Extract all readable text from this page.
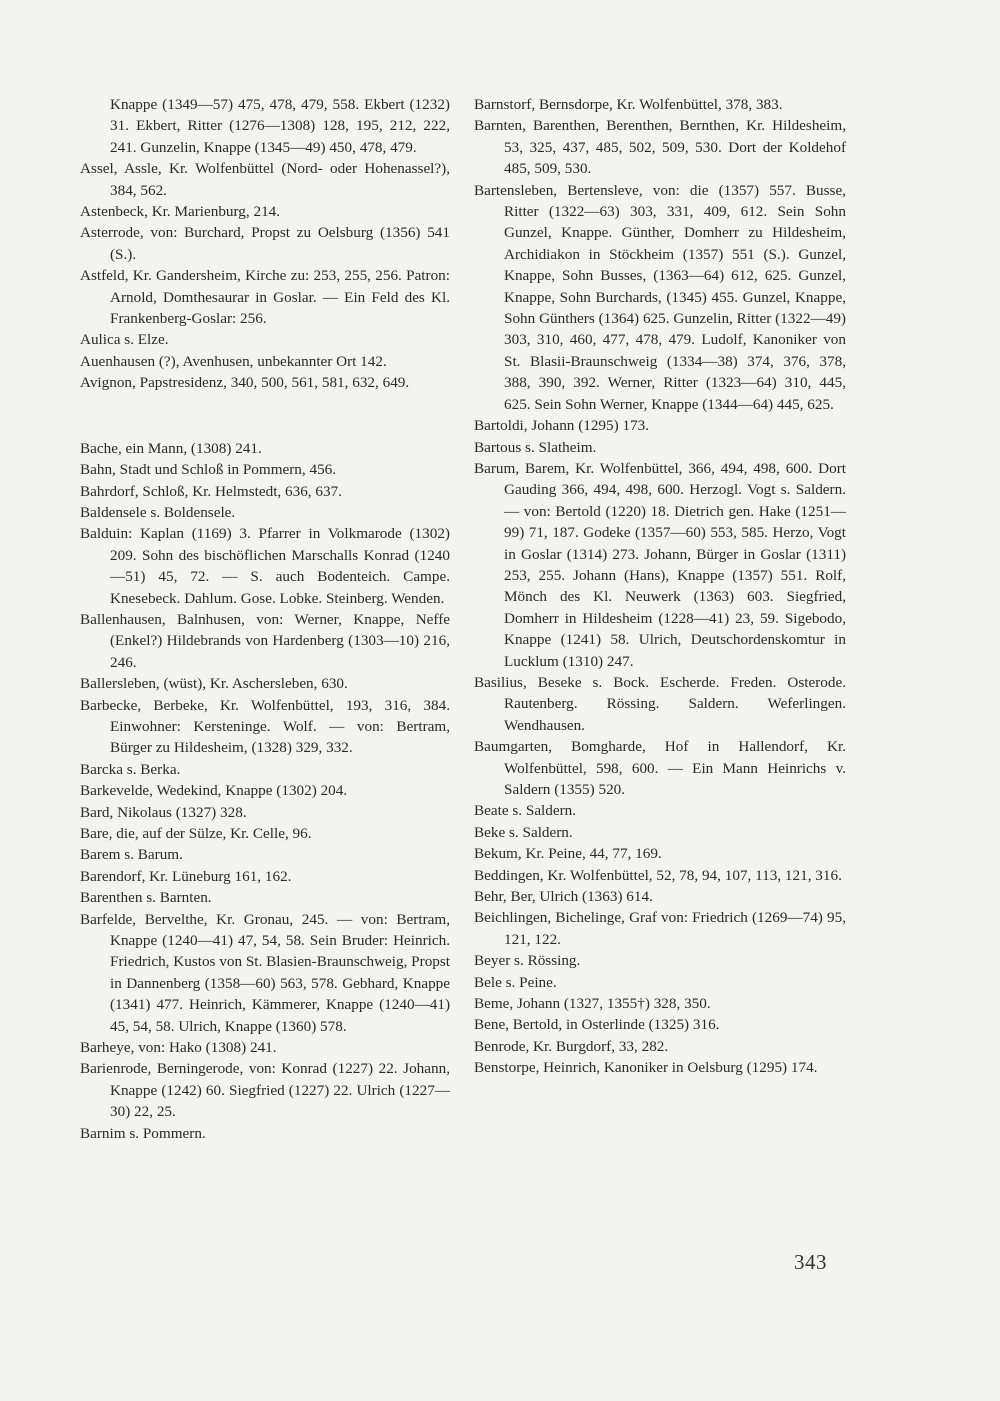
Knappe (1349—57) 475, 478, 479, 558. Ekbert (1232) 31. Ekbert, Ritter (1276—1308) 128, 195, 212, 222, 241. Gunzelin, Knappe (1345—49) 450, 478, 479.

Assel, Assle, Kr. Wolfenbüttel (Nord- oder Hohenassel?), 384, 562.

Astenbeck, Kr. Marienburg, 214.

Asterrode, von: Burchard, Propst zu Oelsburg (1356) 541 (S.).

Astfeld, Kr. Gandersheim, Kirche zu: 253, 255, 256. Patron: Arnold, Domthesaurar in Goslar. — Ein Feld des Kl. Frankenberg-Goslar: 256.

Aulica s. Elze.

Auenhausen (?), Avenhusen, unbekannter Ort 142.

Avignon, Papstresidenz, 340, 500, 561, 581, 632, 649.

Bache, ein Mann, (1308) 241.

Bahn, Stadt und Schloß in Pommern, 456.

Bahrdorf, Schloß, Kr. Helmstedt, 636, 637.

Baldensele s. Boldensele.

Balduin: Kaplan (1169) 3. Pfarrer in Volkmarode (1302) 209. Sohn des bischöflichen Marschalls Konrad (1240—51) 45, 72. — S. auch Bodenteich. Campe. Knesebeck. Dahlum. Gose. Lobke. Steinberg. Wenden.

Ballenhausen, Balnhusen, von: Werner, Knappe, Neffe (Enkel?) Hildebrands von Hardenberg (1303—10) 216, 246.

Ballersleben, (wüst), Kr. Aschersleben, 630.

Barbecke, Berbeke, Kr. Wolfenbüttel, 193, 316, 384. Einwohner: Kersteninge. Wolf. — von: Bertram, Bürger zu Hildesheim, (1328) 329, 332.

Barcka s. Berka.

Barkevelde, Wedekind, Knappe (1302) 204.

Bard, Nikolaus (1327) 328.

Bare, die, auf der Sülze, Kr. Celle, 96.

Barem s. Barum.

Barendorf, Kr. Lüneburg 161, 162.

Barenthen s. Barnten.

Barfelde, Bervelthe, Kr. Gronau, 245. — von: Bertram, Knappe (1240—41) 47, 54, 58. Sein Bruder: Heinrich. Friedrich, Kustos von St. Blasien-Braunschweig, Propst in Dannenberg (1358—60) 563, 578. Gebhard, Knappe (1341) 477. Heinrich, Kämmerer, Knappe (1240—41) 45, 54, 58. Ulrich, Knappe (1360) 578.

Barheye, von: Hako (1308) 241.

Barienrode, Berningerode, von: Konrad (1227) 22. Johann, Knappe (1242) 60. Siegfried (1227) 22. Ulrich (1227—30) 22, 25.

Barnim s. Pommern.

Barnstorf, Bernsdorpe, Kr. Wolfenbüttel, 378, 383.

Barnten, Barenthen, Berenthen, Bernthen, Kr. Hildesheim, 53, 325, 437, 485, 502, 509, 530. Dort der Koldehof 485, 509, 530.

Bartensleben, Bertensleve, von: die (1357) 557. Busse, Ritter (1322—63) 303, 331, 409, 612. Sein Sohn Gunzel, Knappe. Günther, Domherr zu Hildesheim, Archidiakon in Stöckheim (1357) 551 (S.). Gunzel, Knappe, Sohn Busses, (1363—64) 612, 625. Gunzel, Knappe, Sohn Burchards, (1345) 455. Gunzel, Knappe, Sohn Günthers (1364) 625. Gunzelin, Ritter (1322—49) 303, 310, 460, 477, 478, 479. Ludolf, Kanoniker von St. Blasii-Braunschweig (1334—38) 374, 376, 378, 388, 390, 392. Werner, Ritter (1323—64) 310, 445, 625. Sein Sohn Werner, Knappe (1344—64) 445, 625.

Bartoldi, Johann (1295) 173.

Bartous s. Slatheim.

Barum, Barem, Kr. Wolfenbüttel, 366, 494, 498, 600. Dort Gauding 366, 494, 498, 600. Herzogl. Vogt s. Saldern. — von: Bertold (1220) 18. Dietrich gen. Hake (1251—99) 71, 187. Godeke (1357—60) 553, 585. Herzo, Vogt in Goslar (1314) 273. Johann, Bürger in Goslar (1311) 253, 255. Johann (Hans), Knappe (1357) 551. Rolf, Mönch des Kl. Neuwerk (1363) 603. Siegfried, Domherr in Hildesheim (1228—41) 23, 59. Sigebodo, Knappe (1241) 58. Ulrich, Deutschordenskomtur in Lucklum (1310) 247.

Basilius, Beseke s. Bock. Escherde. Freden. Osterode. Rautenberg. Rössing. Saldern. Weferlingen. Wendhausen.

Baumgarten, Bomgharde, Hof in Hallendorf, Kr. Wolfenbüttel, 598, 600. — Ein Mann Heinrichs v. Saldern (1355) 520.

Beate s. Saldern.

Beke s. Saldern.

Bekum, Kr. Peine, 44, 77, 169.

Beddingen, Kr. Wolfenbüttel, 52, 78, 94, 107, 113, 121, 316.

Behr, Ber, Ulrich (1363) 614.

Beichlingen, Bichelinge, Graf von: Friedrich (1269—74) 95, 121, 122.

Beyer s. Rössing.

Bele s. Peine.

Beme, Johann (1327, 1355†) 328, 350.

Bene, Bertold, in Osterlinde (1325) 316.

Benrode, Kr. Burgdorf, 33, 282.

Benstorpe, Heinrich, Kanoniker in Oelsburg (1295) 174.

343
